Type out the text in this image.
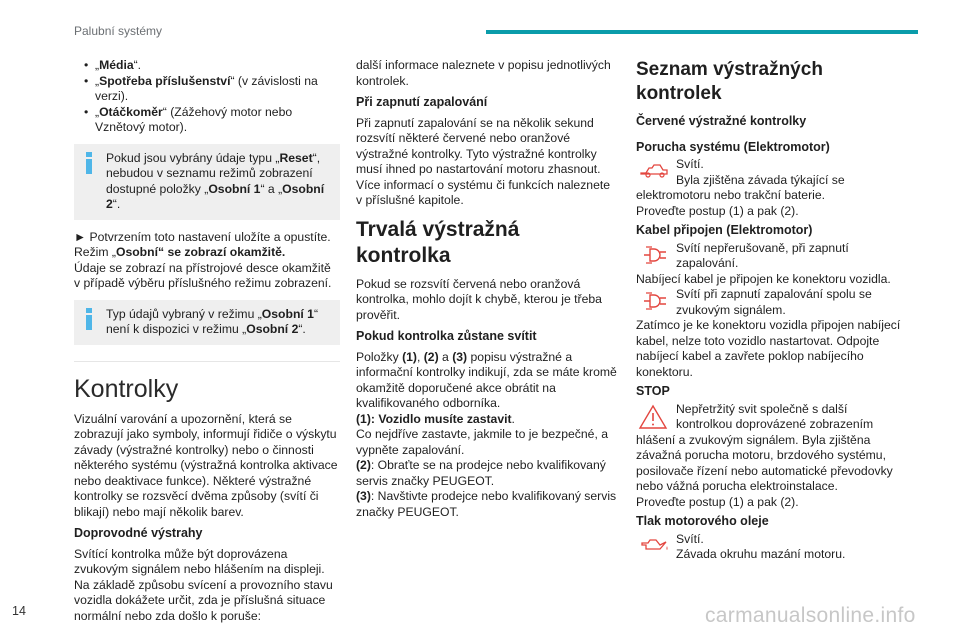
Palubní systémy
• „Média“.
• „Spotřeba příslušenství“ (v závislosti na verzi).
• „Otáčkoměr“ (Zážehový motor nebo Vznětový motor).
Pokud jsou vybrány údaje typu „Reset“, nebudou v seznamu režimů zobrazení dostupné položky „Osobní 1“ a „Osobní 2“.

► Potvrzením toto nastavení uložíte a opustíte.

Režim „Osobní“ se zobrazí okamžitě.

Údaje se zobrazí na přístrojové desce okamžitě v případě výběru příslušného režimu zobrazení.

Typ údajů vybraný v režimu „Osobní 1“ není k dispozici v režimu „Osobní 2“.
Kontrolky

Vizuální varování a upozornění, která se zobrazují jako symboly, informují řidiče o výskytu závady (výstražné kontrolky) nebo o činnosti některého systému (výstražná kontrolka aktivace nebo deaktivace funkce). Některé výstražné kontrolky se rozsvěcí dvěma způsoby (svítí či blikají) nebo mají několik barev.

Doprovodné výstrahy

Svítící kontrolka může být doprovázena zvukovým signálem nebo hlášením na displeji. Na základě způsobu svícení a provozního stavu vozidla dokážete určit, zda je příslušná situace normální nebo zda došlo k poruše:

další informace naleznete v popisu jednotlivých kontrolek.

Při zapnutí zapalování

Při zapnutí zapalování se na několik sekund rozsvítí některé červené nebo oranžové výstražné kontrolky. Tyto výstražné kontrolky musí ihned po nastartování motoru zhasnout. Více informací o systému či funkcích naleznete v příslušné kapitole.

Trvalá výstražná kontrolka

Pokud se rozsvítí červená nebo oranžová kontrolka, mohlo dojít k chybě, kterou je třeba prověřit.

Pokud kontrolka zůstane svítit

Položky (1), (2) a (3) popisu výstražné a informační kontrolky indikují, zda se máte kromě okamžitě doporučené akce obrátit na kvalifikovaného odborníka.

(1): Vozidlo musíte zastavit.

Co nejdříve zastavte, jakmile to je bezpečné, a vypněte zapalování.

(2): Obraťte se na prodejce nebo kvalifikovaný servis značky PEUGEOT.

(3): Navštivte prodejce nebo kvalifikovaný servis značky PEUGEOT.

Seznam výstražných kontrolek
Červené výstražné kontrolky
Porucha systému (Elektromotor)
Svítí.
Byla zjištěna závada týkající se elektromotoru nebo trakční baterie.

Proveďte postup (1) a pak (2).

Kabel připojen (Elektromotor)
Svítí nepřerušovaně, při zapnutí zapalování.

Nabíjecí kabel je připojen ke konektoru vozidla.

Svítí při zapnutí zapalování spolu se zvukovým signálem.

Zatímco je ke konektoru vozidla připojen nabíjecí kabel, nelze toto vozidlo nastartovat. Odpojte nabíjecí kabel a zavřete poklop nabíjecího konektoru.

STOP
Nepřetržitý svit společně s další kontrolkou doprovázené zobrazením

hlášení a zvukovým signálem. Byla zjištěna závažná porucha motoru, brzdového systému, posilovače řízení nebo automatické převodovky nebo vážná porucha elektroinstalace.

Proveďte postup (1) a pak (2).

Tlak motorového oleje
Svítí.
Závada okruhu mazání motoru.
14	carmanualsonline.info
